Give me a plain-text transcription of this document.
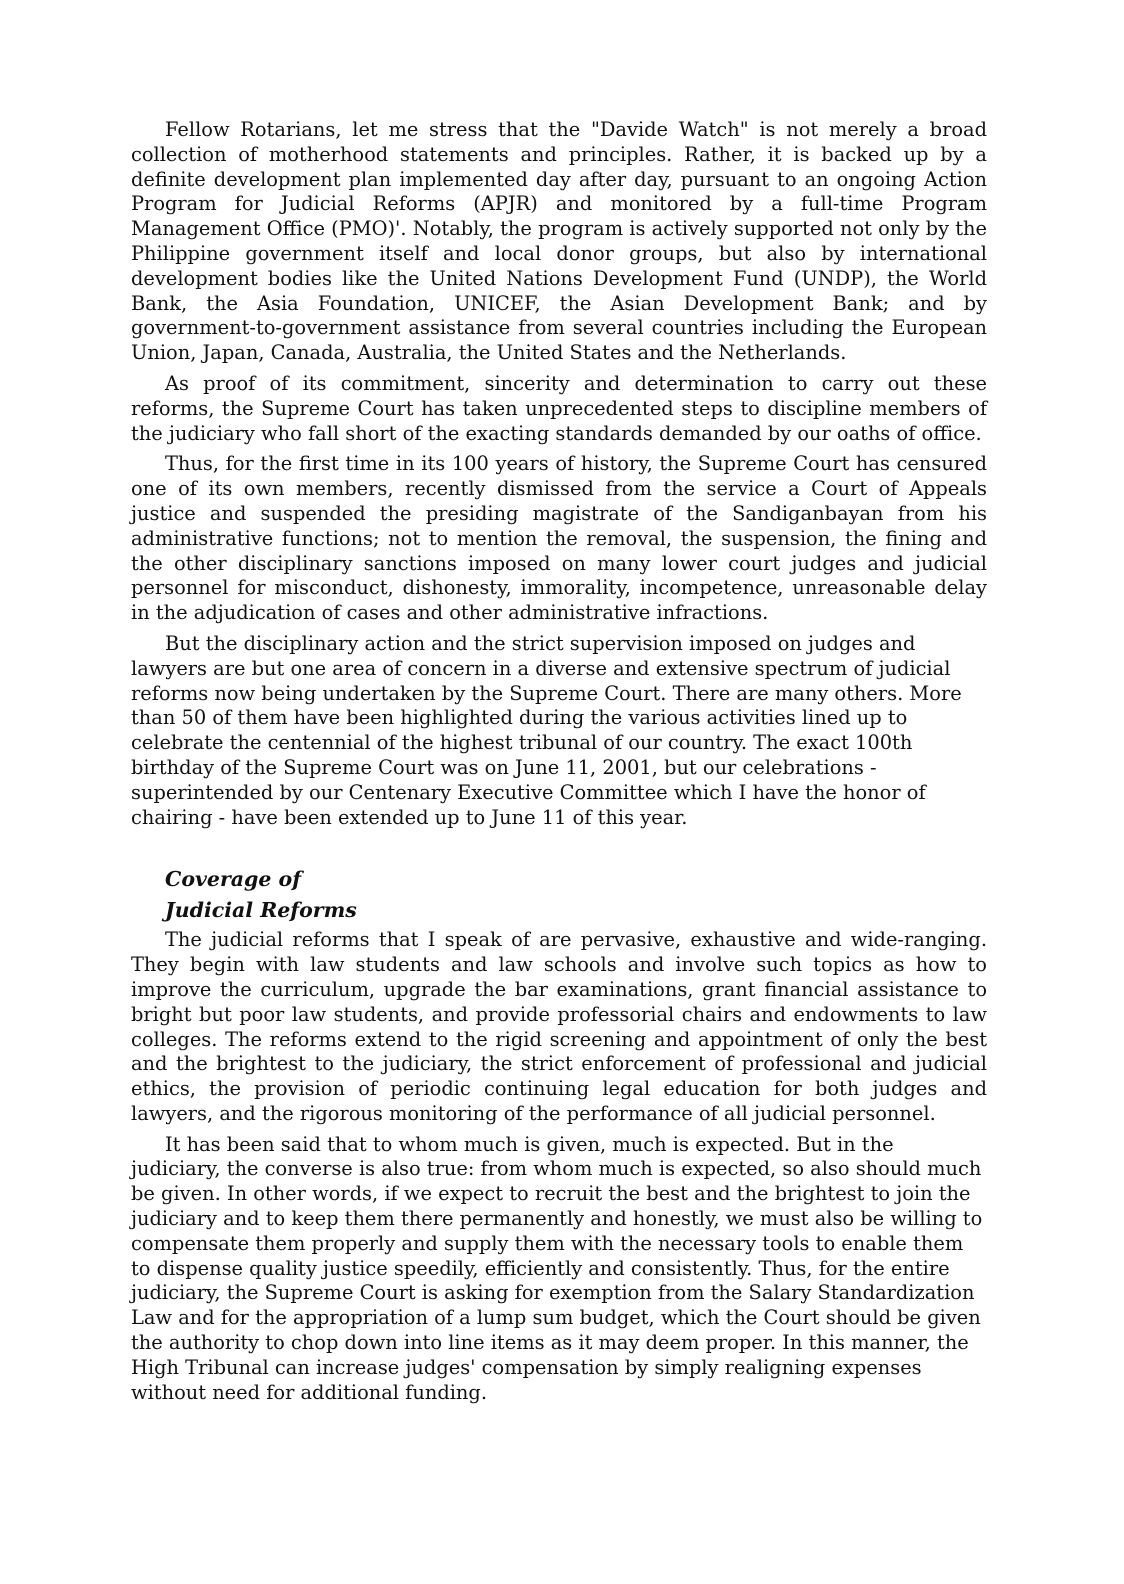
Fellow Rotarians, let me stress that the "Davide Watch" is not merely a broad collection of motherhood statements and principles. Rather, it is backed up by a definite development plan implemented day after day, pursuant to an ongoing Action Program for Judicial Reforms (APJR) and monitored by a full-time Program Management Office (PMO)'. Notably, the program is actively supported not only by the Philippine government itself and local donor groups, but also by international development bodies like the United Nations Development Fund (UNDP), the World Bank, the Asia Foundation, UNICEF, the Asian Development Bank; and by government-to-government assistance from several countries including the European Union, Japan, Canada, Australia, the United States and the Netherlands.

As proof of its commitment, sincerity and determination to carry out these reforms, the Supreme Court has taken unprecedented steps to discipline members of the judiciary who fall short of the exacting standards demanded by our oaths of office.

Thus, for the first time in its 100 years of history, the Supreme Court has censured one of its own members, recently dismissed from the service a Court of Appeals justice and suspended the presiding magistrate of the Sandiganbayan from his administrative functions; not to mention the removal, the suspension, the fining and the other disciplinary sanctions imposed on many lower court judges and judicial personnel for misconduct, dishonesty, immorality, incompetence, unreasonable delay in the adjudication of cases and other administrative infractions.

But the disciplinary action and the strict supervision imposed on judges and lawyers are but one area of concern in a diverse and extensive spectrum of judicial reforms now being undertaken by the Supreme Court. There are many others. More than 50 of them have been highlighted during the various activities lined up to celebrate the centennial of the highest tribunal of our country. The exact 100th birthday of the Supreme Court was on June 11, 2001, but our celebrations - superintended by our Centenary Executive Committee which I have the honor of chairing - have been extended up to June 11 of this year.

Coverage of
Judicial Reforms

The judicial reforms that I speak of are pervasive, exhaustive and wide-ranging. They begin with law students and law schools and involve such topics as how to improve the curriculum, upgrade the bar examinations, grant financial assistance to bright but poor law students, and provide professorial chairs and endowments to law colleges. The reforms extend to the rigid screening and appointment of only the best and the brightest to the judiciary, the strict enforcement of professional and judicial ethics, the provision of periodic continuing legal education for both judges and lawyers, and the rigorous monitoring of the performance of all judicial personnel.

It has been said that to whom much is given, much is expected. But in the judiciary, the converse is also true: from whom much is expected, so also should much be given. In other words, if we expect to recruit the best and the brightest to join the judiciary and to keep them there permanently and honestly, we must also be willing to compensate them properly and supply them with the necessary tools to enable them to dispense quality justice speedily, efficiently and consistently. Thus, for the entire judiciary, the Supreme Court is asking for exemption from the Salary Standardization Law and for the appropriation of a lump sum budget, which the Court should be given the authority to chop down into line items as it may deem proper. In this manner, the High Tribunal can increase judges' compensation by simply realigning expenses without need for additional funding.
